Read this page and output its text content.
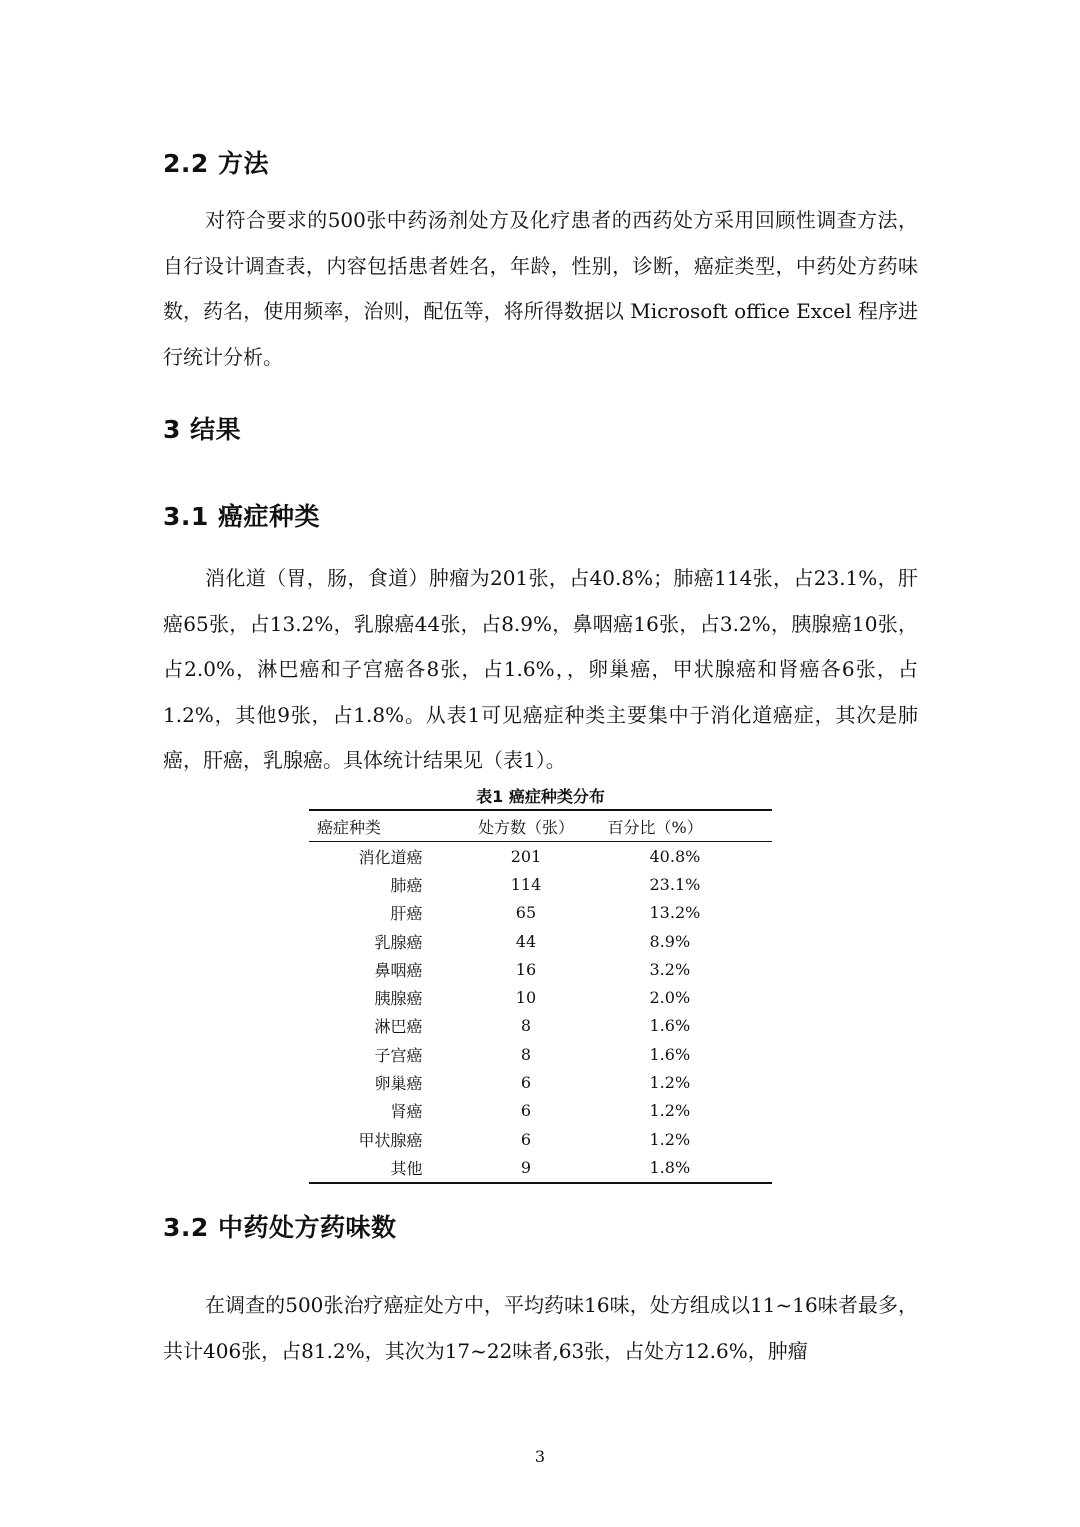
2.2 方法
对符合要求的500张中药汤剂处方及化疗患者的西药处方采用回顾性调查方法，自行设计调查表，内容包括患者姓名，年龄，性别，诊断，癌症类型，中药处方药味数，药名，使用频率，治则，配伍等，将所得数据以 Microsoft office Excel 程序进行统计分析。
3 结果
3.1 癌症种类
消化道（胃，肠，食道）肿瘤为201张，占40.8%；肺癌114张，占23.1%，肝癌65张，占13.2%，乳腺癌44张，占8.9%，鼻咽癌16张，占3.2%，胰腺癌10张，占2.0%，淋巴癌和子宫癌各8张，占1.6%，，卵巢癌，甲状腺癌和肾癌各6张，占1.2%，其他9张，占1.8%。从表1可见癌症种类主要集中于消化道癌症，其次是肺癌，肝癌，乳腺癌。具体统计结果见（表1）。
表1 癌症种类分布
癌症种类	处方数（张）	百分比（%）
消化道癌	201	40.8%
肺癌	114	23.1%
肝癌	65	13.2%
乳腺癌	44	8.9%
鼻咽癌	16	3.2%
胰腺癌	10	2.0%
淋巴癌	8	1.6%
子宫癌	8	1.6%
卵巢癌	6	1.2%
肾癌	6	1.2%
甲状腺癌	6	1.2%
其他	9	1.8%
3.2 中药处方药味数
在调查的500张治疗癌症处方中，平均药味16味，处方组成以11~16味者最多，共计406张，占81.2%，其次为17~22味者,63张，占处方12.6%，肿瘤
3
